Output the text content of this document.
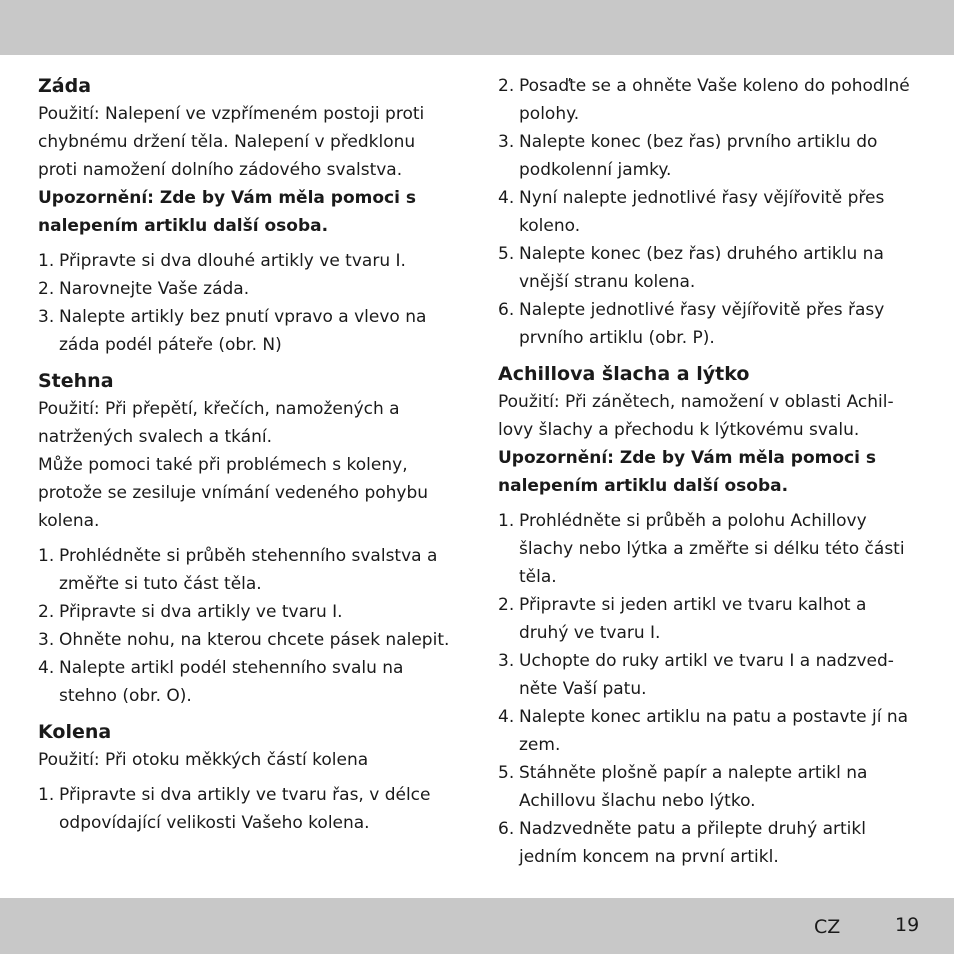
Záda

Použití: Nalepení ve vzpřímeném postoji proti chybnému držení těla. Nalepení v předklonu proti namožení dolního zádového svalstva.

Upozornění: Zde by Vám měla pomoci s nalepením artiklu další osoba.

1. Připravte si dva dlouhé artikly ve tvaru I.
2. Narovnejte Vaše záda.
3. Nalepte artikly bez pnutí vpravo a vlevo na záda podél páteře (obr. N)
Stehna

Použití: Při přepětí, křečích, namožených a natržených svalech a tkání.

Může pomoci také při problémech s koleny, protože se zesiluje vnímání vedeného pohybu kolena.

1. Prohlédněte si průběh stehenního svalstva a změřte si tuto část těla.
2. Připravte si dva artikly ve tvaru I.
3. Ohněte nohu, na kterou chcete pásek nalepit.
4. Nalepte artikl podél stehenního svalu na stehno (obr. O).
Kolena

Použití: Při otoku měkkých částí kolena

1. Připravte si dva artikly ve tvaru řas, v délce odpovídající velikosti Vašeho kolena.
2. Posaďte se a ohněte Vaše koleno do pohodlné polohy.
3. Nalepte konec (bez řas) prvního artiklu do podkolenní jamky.
4. Nyní nalepte jednotlivé řasy vějířovitě přes koleno.
5. Nalepte konec (bez řas) druhého artiklu na vnější stranu kolena.
6. Nalepte jednotlivé řasy vějířovitě přes řasy prvního artiklu (obr. P).
Achillova šlacha a lýtko

Použití: Při zánětech, namožení v oblasti Achil-lovy šlachy a přechodu k lýtkovému svalu.

Upozornění: Zde by Vám měla pomoci s nalepením artiklu další osoba.

1. Prohlédněte si průběh a polohu Achillovy šlachy nebo lýtka a změřte si délku této části těla.
2. Připravte si jeden artikl ve tvaru kalhot a druhý ve tvaru I.
3. Uchopte do ruky artikl ve tvaru I a nadzved-něte Vaší patu.
4. Nalepte konec artiklu na patu a postavte jí na zem.
5. Stáhněte plošně papír a nalepte artikl na Achillovu šlachu nebo lýtko.
6. Nadzvedněte patu a přilepte druhý artikl jedním koncem na první artikl.
CZ	19
